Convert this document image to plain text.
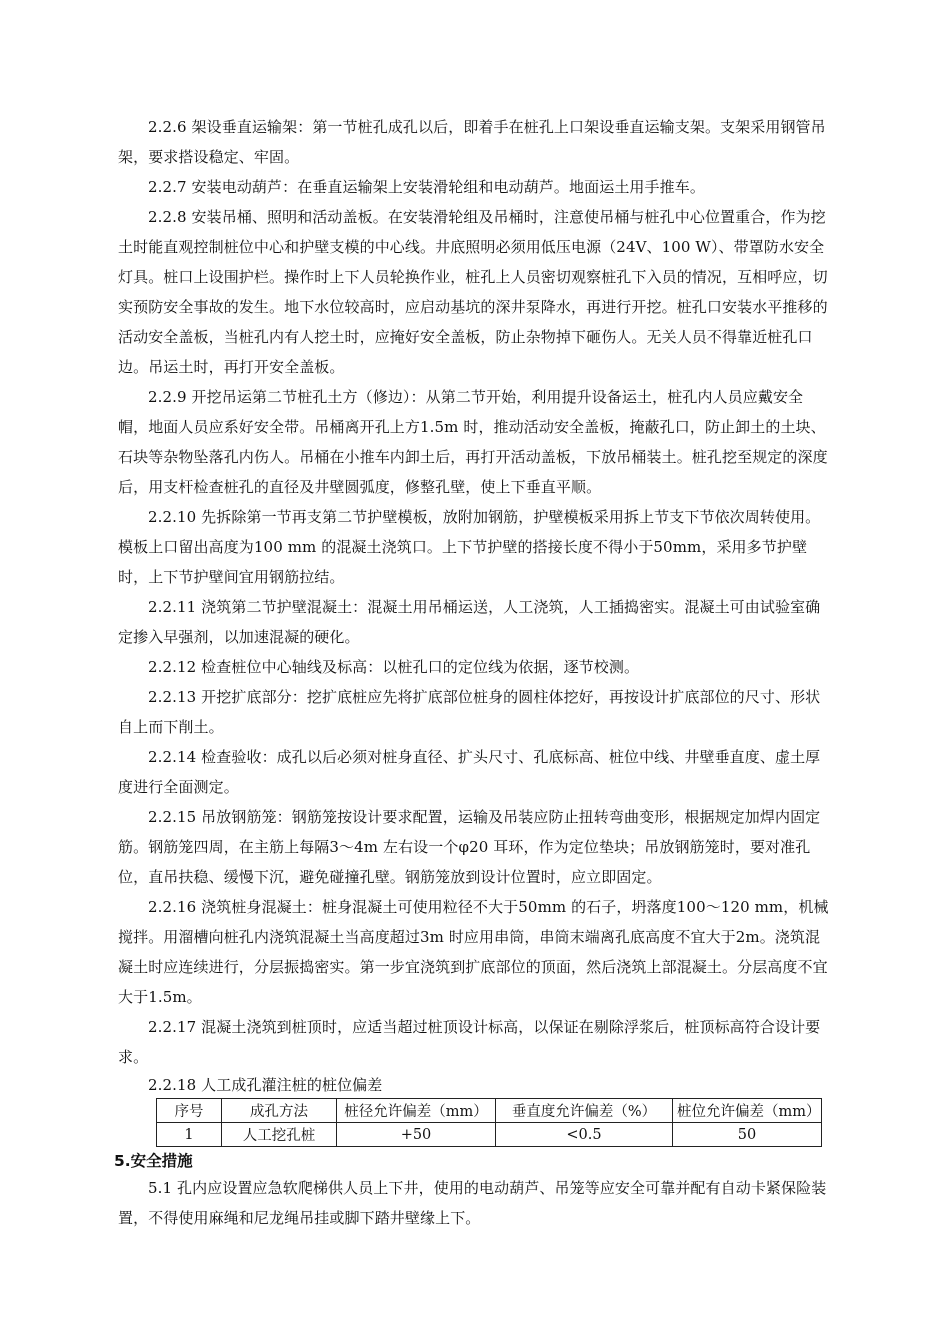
2.2.6 架设垂直运输架：第一节桩孔成孔以后，即着手在桩孔上口架设垂直运输支架。支架采用钢管吊架，要求搭设稳定、牢固。

2.2.7 安装电动葫芦：在垂直运输架上安装滑轮组和电动葫芦。地面运土用手推车。

2.2.8 安装吊桶、照明和活动盖板。在安装滑轮组及吊桶时，注意使吊桶与桩孔中心位置重合，作为挖土时能直观控制桩位中心和护壁支模的中心线。井底照明必须用低压电源（24V、100 W）、带罩防水安全灯具。桩口上设围护栏。操作时上下人员轮换作业，桩孔上人员密切观察桩孔下入员的情况，互相呼应，切实预防安全事故的发生。地下水位较高时，应启动基坑的深井泵降水，再进行开挖。桩孔口安装水平推移的活动安全盖板，当桩孔内有人挖土时，应掩好安全盖板，防止杂物掉下砸伤人。无关人员不得靠近桩孔口边。吊运土时，再打开安全盖板。

2.2.9 开挖吊运第二节桩孔土方（修边）：从第二节开始，利用提升设备运土，桩孔内人员应戴安全帽，地面人员应系好安全带。吊桶离开孔上方1.5m 时，推动活动安全盖板，掩蔽孔口，防止卸土的土块、石块等杂物坠落孔内伤人。吊桶在小推车内卸土后，再打开活动盖板，下放吊桶装土。桩孔挖至规定的深度后，用支杆检查桩孔的直径及井壁圆弧度，修整孔壁，使上下垂直平顺。

2.2.10 先拆除第一节再支第二节护壁模板，放附加钢筋，护壁模板采用拆上节支下节依次周转使用。模板上口留出高度为100 mm 的混凝土浇筑口。上下节护壁的搭接长度不得小于50mm，采用多节护壁时，上下节护壁间宜用钢筋拉结。

2.2.11 浇筑第二节护壁混凝土：混凝土用吊桶运送，人工浇筑，人工插捣密实。混凝土可由试验室确定掺入早强剂，以加速混凝的硬化。

2.2.12 检查桩位中心轴线及标高：以桩孔口的定位线为依据，逐节校测。

2.2.13 开挖扩底部分：挖扩底桩应先将扩底部位桩身的圆柱体挖好，再按设计扩底部位的尺寸、形状自上而下削土。

2.2.14 检查验收：成孔以后必须对桩身直径、扩头尺寸、孔底标高、桩位中线、井壁垂直度、虚土厚度进行全面测定。

2.2.15 吊放钢筋笼：钢筋笼按设计要求配置，运输及吊装应防止扭转弯曲变形，根据规定加焊内固定筋。钢筋笼四周，在主筋上每隔3～4m 左右设一个φ20 耳环，作为定位垫块；吊放钢筋笼时，要对准孔位，直吊扶稳、缓慢下沉，避免碰撞孔壁。钢筋笼放到设计位置时，应立即固定。

2.2.16 浇筑桩身混凝土：桩身混凝土可使用粒径不大于50mm 的石子，坍落度100～120 mm，机械搅拌。用溜槽向桩孔内浇筑混凝土当高度超过3m 时应用串筒，串筒末端离孔底高度不宜大于2m。浇筑混凝土时应连续进行，分层振捣密实。第一步宜浇筑到扩底部位的顶面，然后浇筑上部混凝土。分层高度不宜大于1.5m。

2.2.17 混凝土浇筑到桩顶时，应适当超过桩顶设计标高，以保证在剔除浮浆后，桩顶标高符合设计要求。

2.2.18 人工成孔灌注桩的桩位偏差

序号	成孔方法	桩径允许偏差（mm）	垂直度允许偏差（%）	桩位允许偏差（mm）
1	人工挖孔桩	+50	<0.5	50

5.安全措施

5.1 孔内应设置应急软爬梯供人员上下井，使用的电动葫芦、吊笼等应安全可靠并配有自动卡紧保险装置，不得使用麻绳和尼龙绳吊挂或脚下踏井壁缘上下。
